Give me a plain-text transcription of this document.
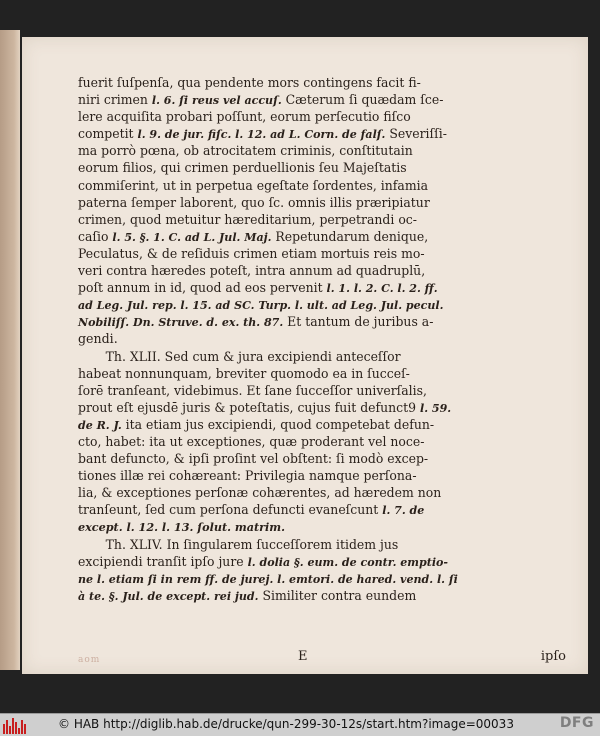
fuerit ſuſpenſa, qua pendente mors contingens facit fi-
niri crimen l. 6. ſi reus vel accuſ. Cæterum ſi quædam ſce-
lere acquiſita probari poſſunt, eorum perſecutio fiſco
competit l. 9. de jur. fiſc. l. 12. ad L. Corn. de falſ. Severiſſi-
ma porrò pœna, ob atrocitatem criminis, conſtitutain
eorum filios, qui crimen perduellionis ſeu Majeſtatis
commiſerint, ut in perpetua egeſtate ſordentes, infamia
paterna ſemper laborent, quo ſc. omnis illis præripiatur
crimen, quod metuitur hæreditarium, perpetrandi oc-
caſio l. 5. §. 1. C. ad L. Jul. Maj. Repetundarum denique,
Peculatus, & de reſiduis crimen etiam mortuis reis mo-
veri contra hæredes poteſt, intra annum ad quadruplū,
poſt annum in id, quod ad eos pervenit l. 1. l. 2. C. l. 2. ff.
ad Leg. Jul. rep. l. 15. ad SC. Turp. l. ult. ad Leg. Jul. pecul.
Nobiliſſ. Dn. Struve. d. ex. th. 87. Et tantum de juribus a-
gendi.
Th. XLII. Sed cum & jura excipiendi anteceſſor
habeat nonnunquam, breviter quomodo ea in ſucceſ-
ſorē tranſeant, videbimus. Et ſane ſucceſſor univerſalis,
prout eſt ejusdē juris & poteſtatis, cujus fuit defunct9 l. 59.
de R. J. ita etiam jus excipiendi, quod competebat defun-
cto, habet: ita ut exceptiones, quæ proderant vel noce-
bant defuncto, & ipſi proſint vel obſtent: ſi modò excep-
tiones illæ rei cohæreant: Privilegia namque perſona-
lia, & exceptiones perſonæ cohærentes, ad hæredem non
tranſeunt, ſed cum perſona defuncti evaneſcunt l. 7. de
except. l. 12. l. 13. ſolut. matrim.
Th. XLIV. In ſingularem ſucceſſorem itidem jus
excipiendi tranſit ipſo jure l. dolia §. eum. de contr. emptio-
ne l. etiam ſi in rem ff. de jurej. l. emtori. de hared. vend. l. ſi
à te. §. Jul. de except. rei jud. Similiter contra eundem
aom	E	ipſo
© HAB http://diglib.hab.de/drucke/qun-299-30-12s/start.htm?image=00033	DFG
